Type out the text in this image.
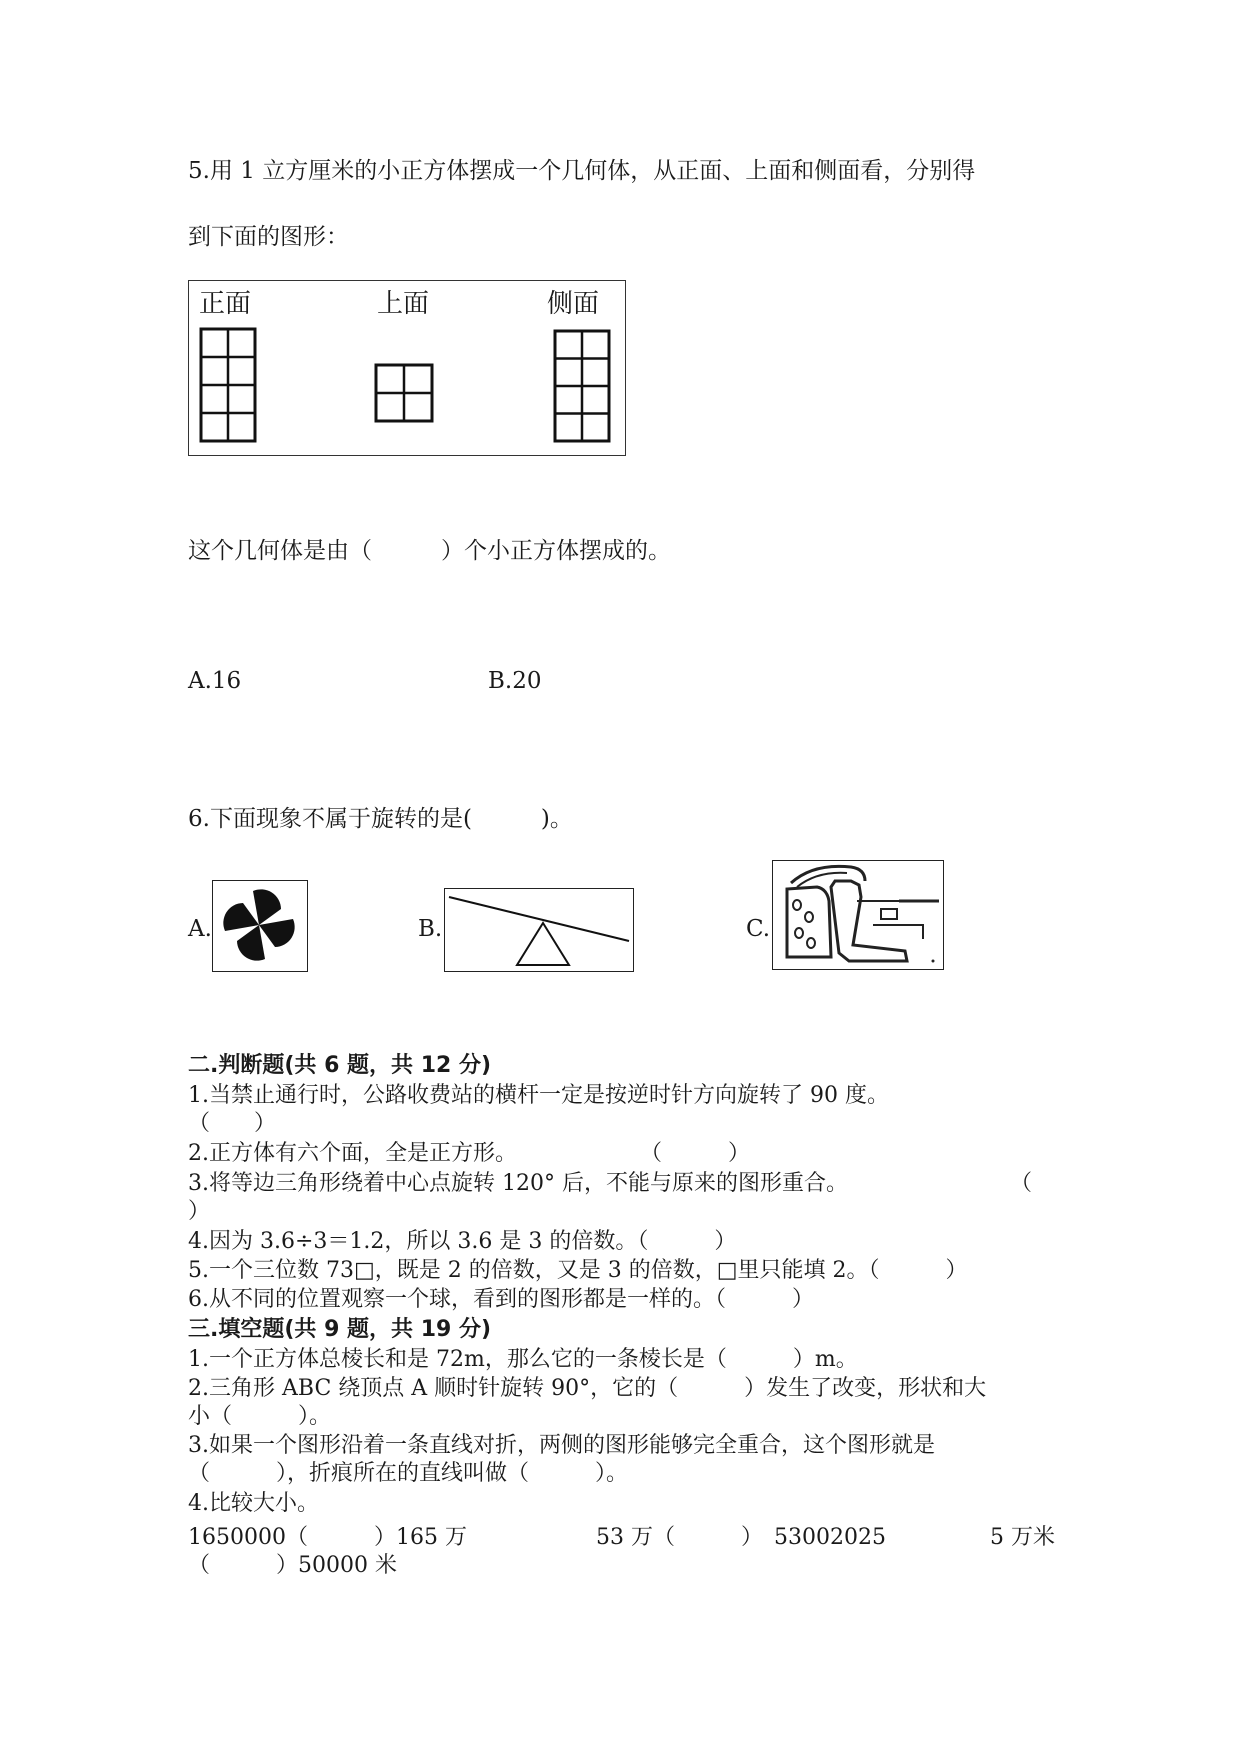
5.用 1 立方厘米的小正方体摆成一个几何体，从正面、上面和侧面看，分别得
到下面的图形：
正面	上面	侧面
这个几何体是由（　　　）个小正方体摆成的。
A.16	B.20
6.下面现象不属于旋转的是(　　　)。
A.	B.	C.
二.判断题(共 6 题，共 12 分)
1.当禁止通行时，公路收费站的横杆一定是按逆时针方向旋转了 90 度。
（　　）
2.正方体有六个面，全是正方形。	（　　　）
3.将等边三角形绕着中心点旋转 120° 后，不能与原来的图形重合。	（
）
4.因为 3.6÷3＝1.2，所以 3.6 是 3 的倍数。（　　　）
5.一个三位数 73□，既是 2 的倍数，又是 3 的倍数，□里只能填 2。（　　　）
6.从不同的位置观察一个球，看到的图形都是一样的。（　　　）
三.填空题(共 9 题，共 19 分)
1.一个正方体总棱长和是 72m，那么它的一条棱长是（　　　）m。
2.三角形 ABC 绕顶点 A 顺时针旋转 90°，它的（　　　）发生了改变，形状和大
小（　　　）。
3.如果一个图形沿着一条直线对折，两侧的图形能够完全重合，这个图形就是
（　　　），折痕所在的直线叫做（　　　）。
4.比较大小。
1650000（　　　）165 万	53 万（　　　）　53002025	5 万米
（　　　）50000 米
